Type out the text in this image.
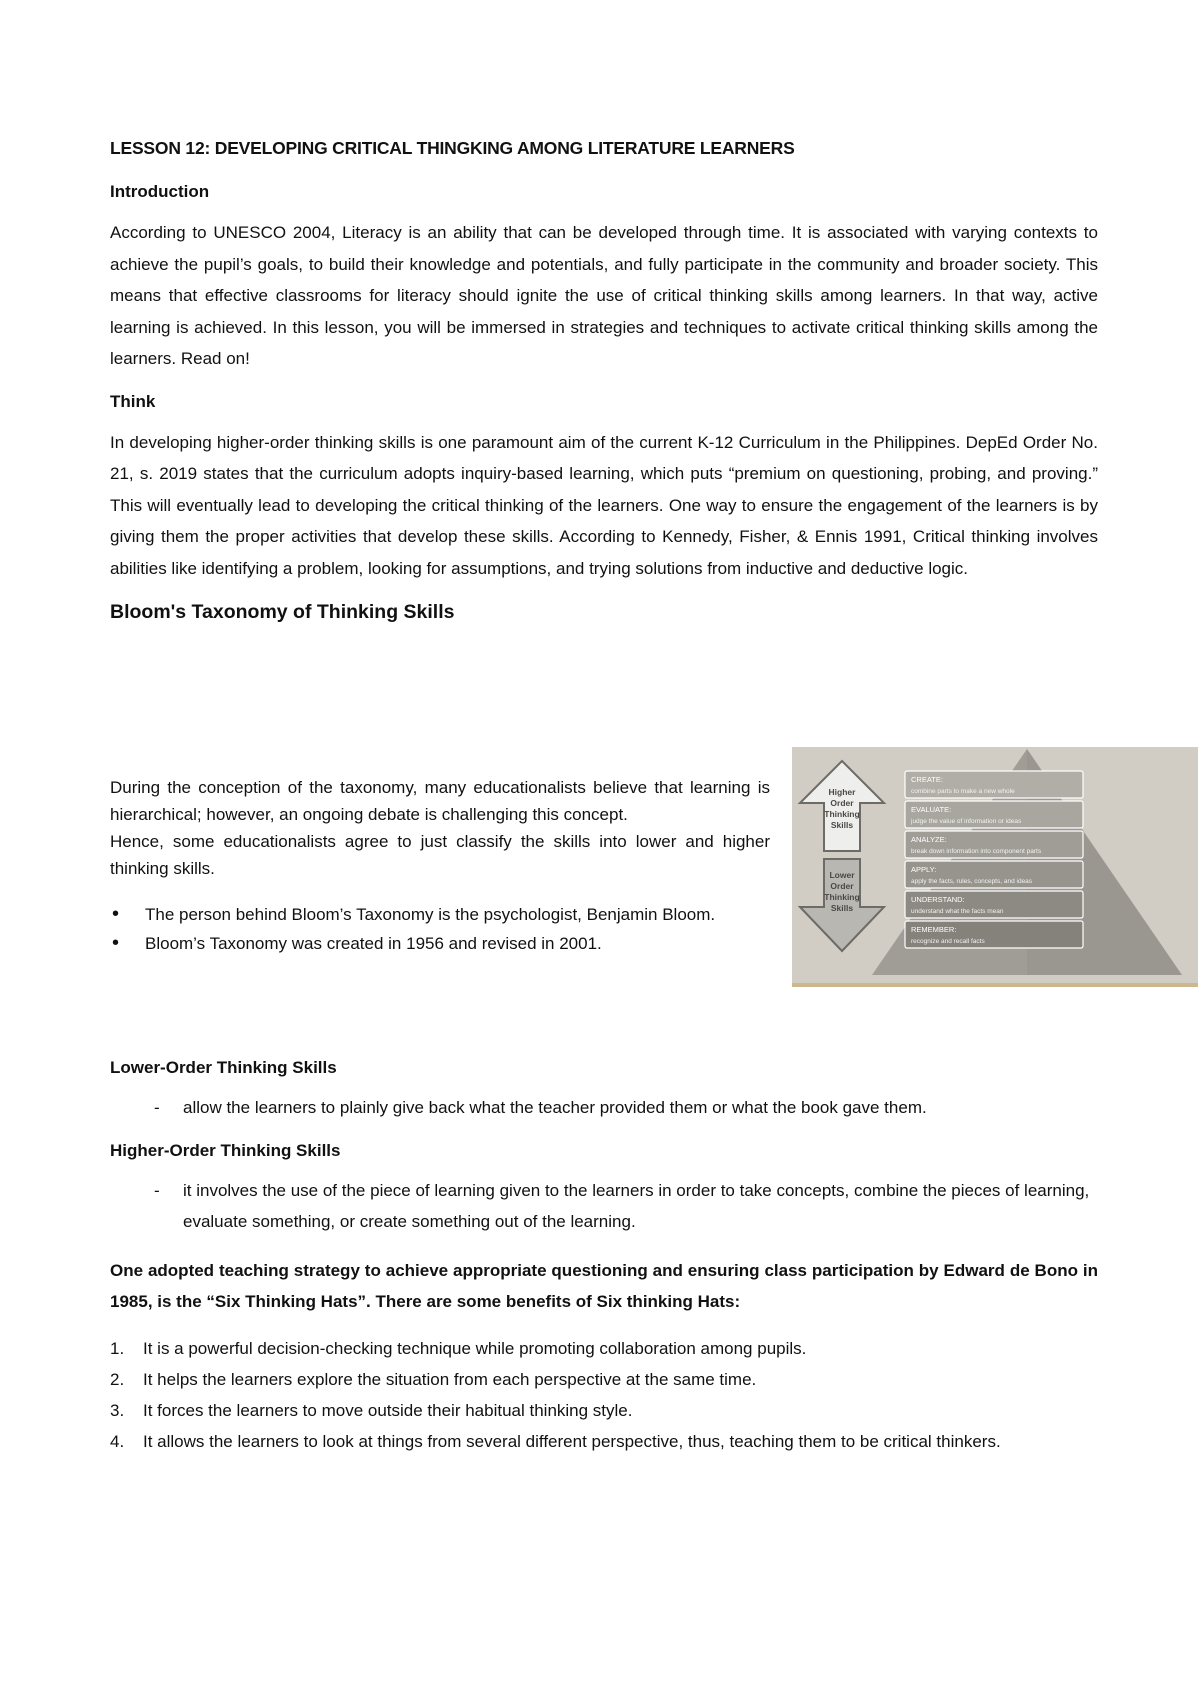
LESSON 12: DEVELOPING CRITICAL THINGKING AMONG LITERATURE LEARNERS
Introduction

According to UNESCO 2004, Literacy is an ability that can be developed through time. It is associated with varying contexts to achieve the pupil’s goals, to build their knowledge and potentials, and fully participate in the community and broader society. This means that effective classrooms for literacy should ignite the use of critical thinking skills among learners. In that way, active learning is achieved. In this lesson, you will be immersed in strategies and techniques to activate critical thinking skills among the learners. Read on!

Think

In developing higher-order thinking skills is one paramount aim of the current K-12 Curriculum in the Philippines. DepEd Order No. 21, s. 2019 states that the curriculum adopts inquiry-based learning, which puts “premium on questioning, probing, and proving.” This will eventually lead to developing the critical thinking of the learners. One way to ensure the engagement of the learners is by giving them the proper activities that develop these skills. According to Kennedy, Fisher, & Ennis 1991, Critical thinking involves abilities like identifying a problem, looking for assumptions, and trying solutions from inductive and deductive logic.

Bloom's Taxonomy of Thinking Skills

During the conception of the taxonomy, many educationalists believe that learning is hierarchical; however, an ongoing debate is challenging this concept.

Hence, some educationalists agree to just classify the skills into lower and higher thinking skills.

• The person behind Bloom’s Taxonomy is the psychologist, Benjamin Bloom.
• Bloom’s Taxonomy was created in 1956 and revised in 2001.
CREATE:
combine parts to make a new whole
EVALUATE:
judge the value of information or ideas
ANALYZE:
break down information into component parts
APPLY:
apply the facts, rules, concepts, and ideas
UNDERSTAND:
understand what the facts mean
REMEMBER:
recognize and recall facts
Higher
Order
Thinking
Skills
Lower
Order
Thinking
Skills
Lower-Order Thinking Skills
- allow the learners to plainly give back what the teacher provided them or what the book gave them.
Higher-Order Thinking Skills
- it involves the use of the piece of learning given to the learners in order to take concepts, combine the pieces of learning, evaluate something, or create something out of the learning.

One adopted teaching strategy to achieve appropriate questioning and ensuring class participation by Edward de Bono in 1985, is the “Six Thinking Hats”. There are some benefits of Six thinking Hats:

1. It is a powerful decision-checking technique while promoting collaboration among pupils.
2. It helps the learners explore the situation from each perspective at the same time.
3. It forces the learners to move outside their habitual thinking style.
4. It allows the learners to look at things from several different perspective, thus, teaching them to be critical thinkers.
